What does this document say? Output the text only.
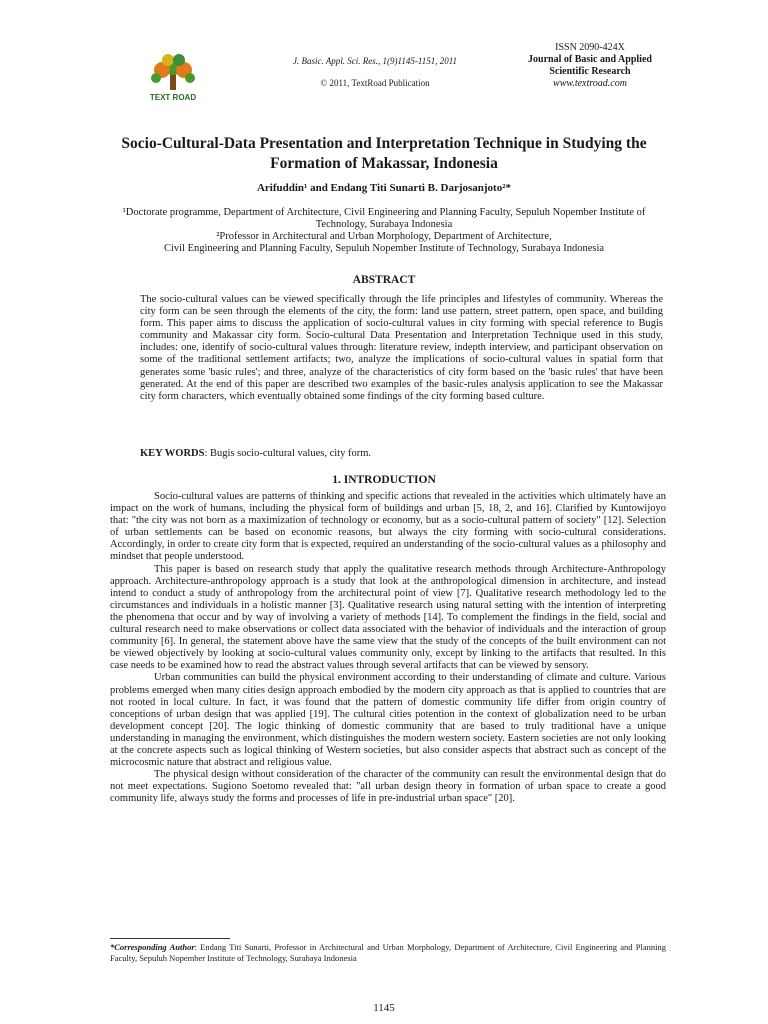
TEXT ROAD
J. Basic. Appl. Sci. Res., 1(9)1145-1151, 2011
© 2011, TextRoad Publication
ISSN 2090-424X
Journal of Basic and Applied Scientific Research
www.textroad.com
Socio-Cultural-Data Presentation and Interpretation Technique in Studying the Formation of Makassar, Indonesia
Arifuddin¹ and Endang Titi Sunarti B. Darjosanjoto²*
¹Doctorate programme, Department of Architecture, Civil Engineering and Planning Faculty, Sepuluh Nopember Institute of Technology, Surabaya Indonesia
²Professor in Architectural and Urban Morphology, Department of Architecture,
Civil Engineering and Planning Faculty, Sepuluh Nopember Institute of Technology, Surabaya Indonesia
ABSTRACT
The socio-cultural values can be viewed specifically through the life principles and lifestyles of community. Whereas the city form can be seen through the elements of the city, the form: land use pattern, street pattern, open space, and building form. This paper aims to discuss the application of socio-cultural values in city forming with special reference to Bugis community and Makassar city form. Socio-cultural Data Presentation and Interpretation Technique used in this study, includes: one, identify of socio-cultural values through: literature review, indepth interview, and participant observation on some of the traditional settlement artifacts; two, analyze the implications of socio-cultural values in spatial form that generates some 'basic rules'; and three, analyze of the characteristics of city form based on the 'basic rules' that have been generated. At the end of this paper are described two examples of the basic-rules analysis application to see the Makassar city form characters, which eventually obtained some findings of the city forming based culture.
KEY WORDS: Bugis socio-cultural values, city form.
1. INTRODUCTION

Socio-cultural values are patterns of thinking and specific actions that revealed in the activities which ultimately have an impact on the work of humans, including the physical form of buildings and urban [5, 18, 2, and 16]. Clarified by Kuntowijoyo that: "the city was not born as a maximization of technology or economy, but as a socio-cultural pattern of society" [12]. Selection of urban settlements can be based on economic reasons, but always the city forming with socio-cultural considerations. Accordingly, in order to create city form that is expected, required an understanding of the socio-cultural values as a philosophy and mindset that people understood.

This paper is based on research study that apply the qualitative research methods through Architecture-Anthropology approach. Architecture-anthropology approach is a study that look at the anthropological dimension in architecture, and instead intend to conduct a study of anthropology from the architectural point of view [7]. Qualitative research methodology led to the circumstances and individuals in a holistic manner [3]. Qualitative research using natural setting with the intention of interpreting the phenomena that occur and by way of involving a variety of methods [14]. To complement the findings in the field, social and cultural research need to make observations or collect data associated with the behavior of individuals and the interaction of group community [6]. In general, the statement above have the same view that the study of the concepts of the built environment can not be viewed objectively by looking at socio-cultural values community only, except by linking to the artifacts that resulted. In this case needs to be examined how to read the abstract values through several artifacts that can be viewed by sensory.

Urban communities can build the physical environment according to their understanding of climate and culture. Various problems emerged when many cities design approach embodied by the modern city approach as that is applied to countries that are not rooted in local culture. In fact, it was found that the pattern of domestic community life differ from origin country of conceptions of urban design that was applied [19]. The cultural cities potention in the context of globalization need to be urban development concept [20]. The logic thinking of domestic community that are based to truly traditional have a unique understanding in managing the environment, which distinguishes the modern western society. Eastern societies are not only looking at the concrete aspects such as logical thinking of Western societies, but also consider aspects that abstract such as concept of the microcosmic nature that abstract and religious value.

The physical design without consideration of the character of the community can result the environmental design that do not meet expectations. Sugiono Soetomo revealed that: "all urban design theory in formation of urban space to create a good community life, always study the forms and processes of life in pre-industrial urban space" [20].

*Corresponding Author: Endang Titi Sunarti, Professor in Architectural and Urban Morphology, Department of Architecture, Civil Engineering and Planning Faculty, Sepuluh Nopember Institute of Technology, Surabaya Indonesia
1145
